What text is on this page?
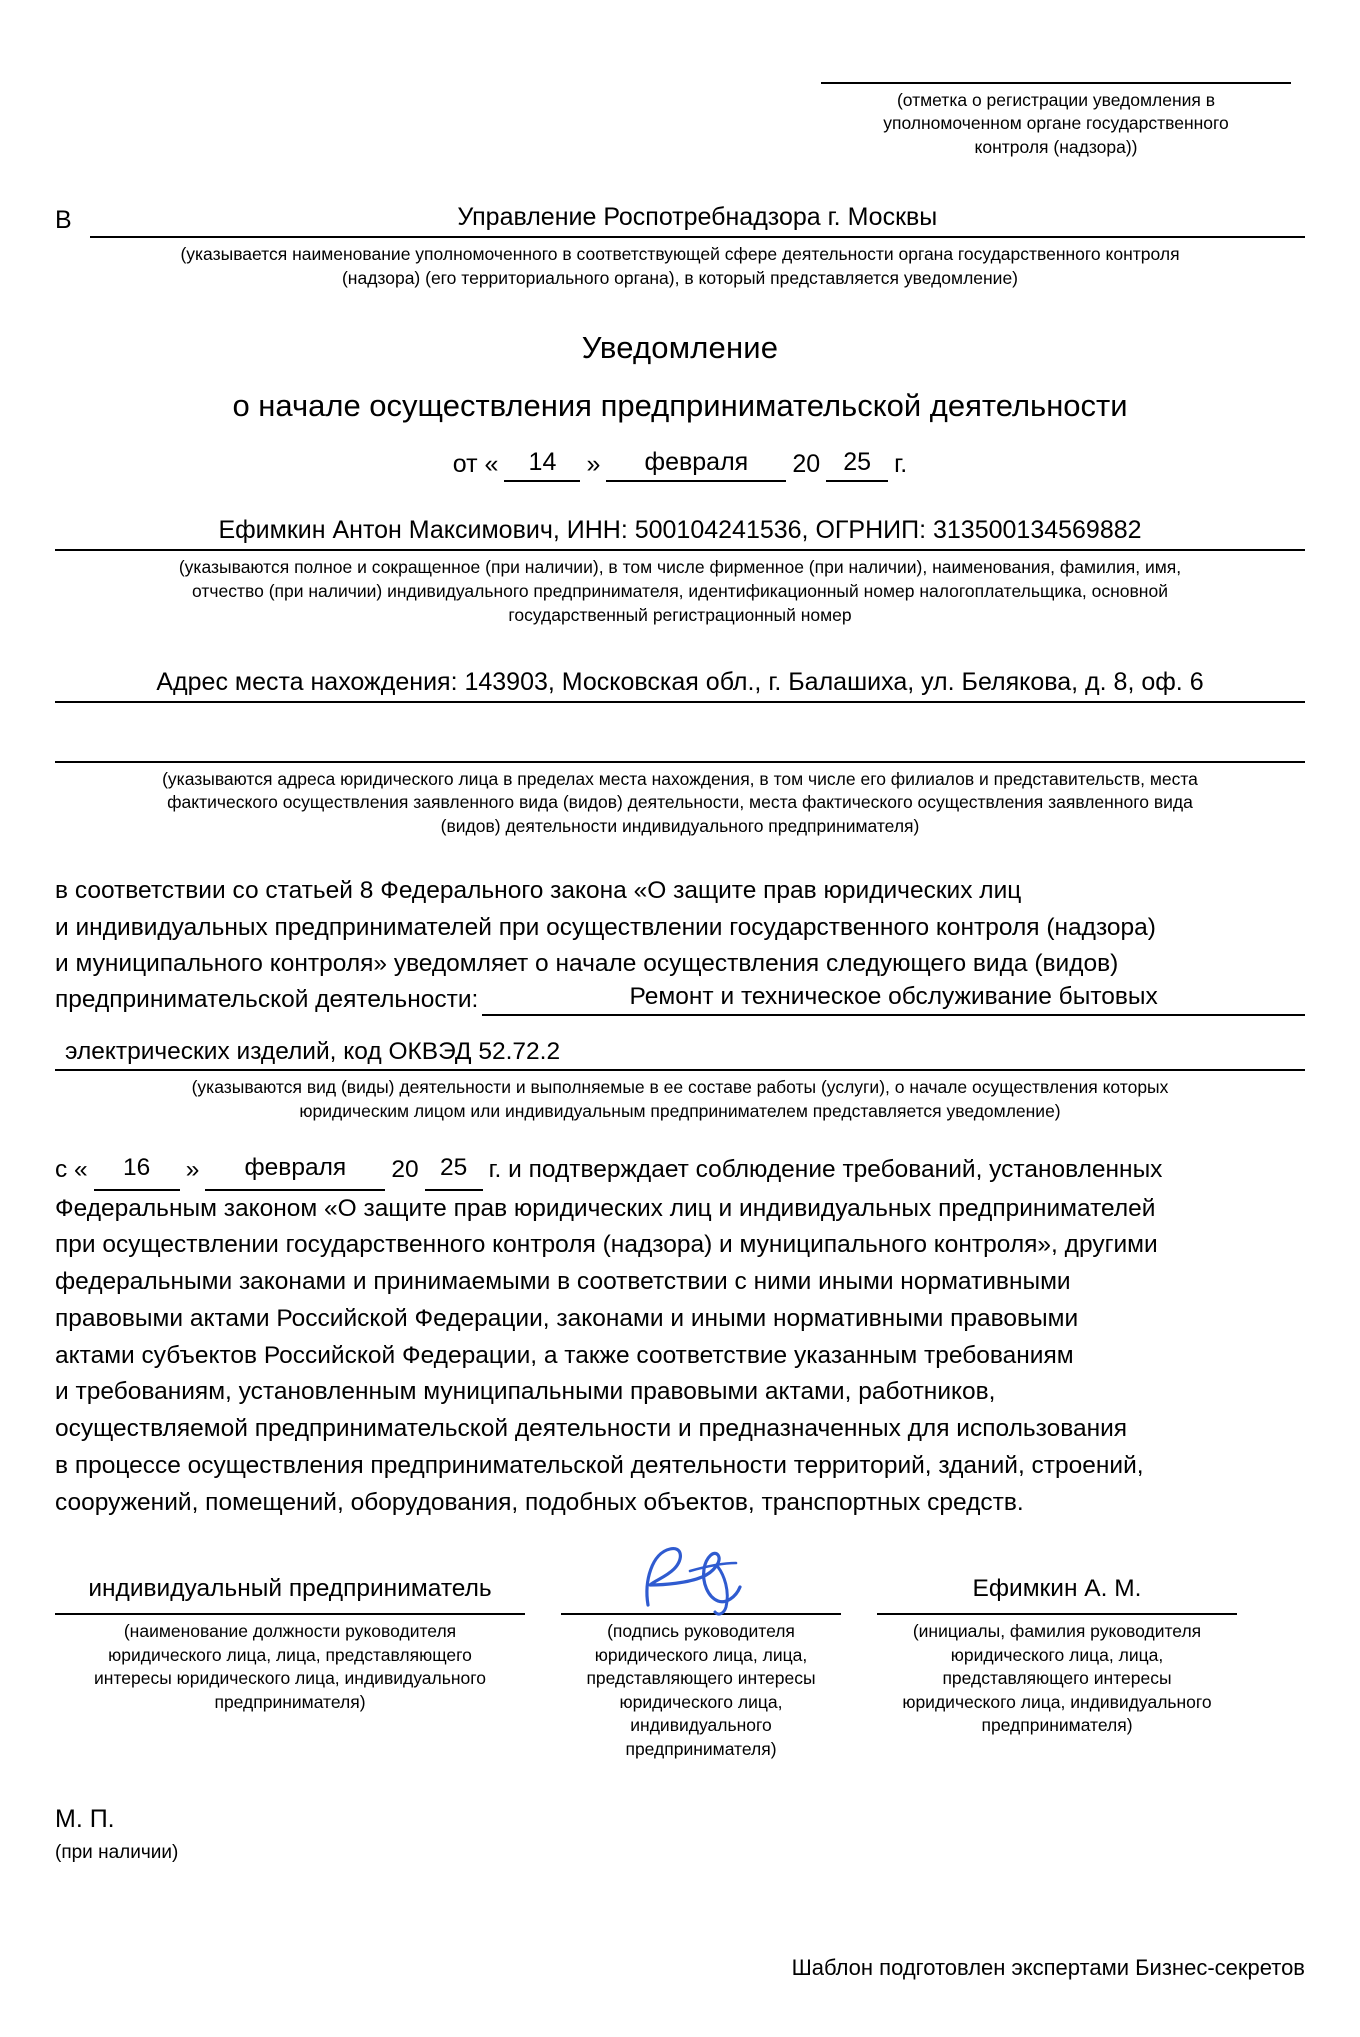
(отметка о регистрации уведомления в
уполномоченном органе государственного
контроля (надзора))
В	Управление Роспотребнадзора г. Москвы
(указывается наименование уполномоченного в соответствующей сфере деятельности органа государственного контроля
(надзора) (его территориального органа), в который представляется уведомление)
Уведомление
о начале осуществления предпринимательской деятельности
от «	14	»	февраля	20 25 г.
Ефимкин Антон Максимович, ИНН: 500104241536, ОГРНИП: 313500134569882
(указываются полное и сокращенное (при наличии), в том числе фирменное (при наличии), наименования, фамилия, имя,
отчество (при наличии) индивидуального предпринимателя, идентификационный номер налогоплательщика, основной
государственный регистрационный номер
Адрес места нахождения: 143903, Московская обл., г. Балашиха, ул. Белякова, д. 8, оф. 6
(указываются адреса юридического лица в пределах места нахождения, в том числе его филиалов и представительств, места
фактического осуществления заявленного вида (видов) деятельности, места фактического осуществления заявленного вида
(видов) деятельности индивидуального предпринимателя)
в соответствии со статьей 8 Федерального закона «О защите прав юридических лиц
и индивидуальных предпринимателей при осуществлении государственного контроля (надзора)
и муниципального контроля» уведомляет о начале осуществления следующего вида (видов)
предпринимательской деятельности:	Ремонт и техническое обслуживание бытовых
электрических изделий, код ОКВЭД 52.72.2
(указываются вид (виды) деятельности и выполняемые в ее составе работы (услуги), о начале осуществления которых
юридическим лицом или индивидуальным предпринимателем представляется уведомление)
с «	16	»	февраля	20 25 г. и подтверждает соблюдение требований, установленных
Федеральным законом «О защите прав юридических лиц и индивидуальных предпринимателей
при осуществлении государственного контроля (надзора) и муниципального контроля», другими
федеральными законами и принимаемыми в соответствии с ними иными нормативными
правовыми актами Российской Федерации, законами и иными нормативными правовыми
актами субъектов Российской Федерации, а также соответствие указанным требованиям
и требованиям, установленным муниципальными правовыми актами, работников,
осуществляемой предпринимательской деятельности и предназначенных для использования
в процессе осуществления предпринимательской деятельности территорий, зданий, строений,
сооружений, помещений, оборудования, подобных объектов, транспортных средств.
индивидуальный предприниматель
(наименование должности руководителя
юридического лица, лица, представляющего
интересы юридического лица, индивидуального
предпринимателя)
(подпись руководителя
юридического лица, лица,
представляющего интересы
юридического лица,
индивидуального
предпринимателя)
Ефимкин А. М.
(инициалы, фамилия руководителя
юридического лица, лица,
представляющего интересы
юридического лица, индивидуального
предпринимателя)
М. П.
(при наличии)
Шаблон подготовлен экспертами Бизнес-секретов
